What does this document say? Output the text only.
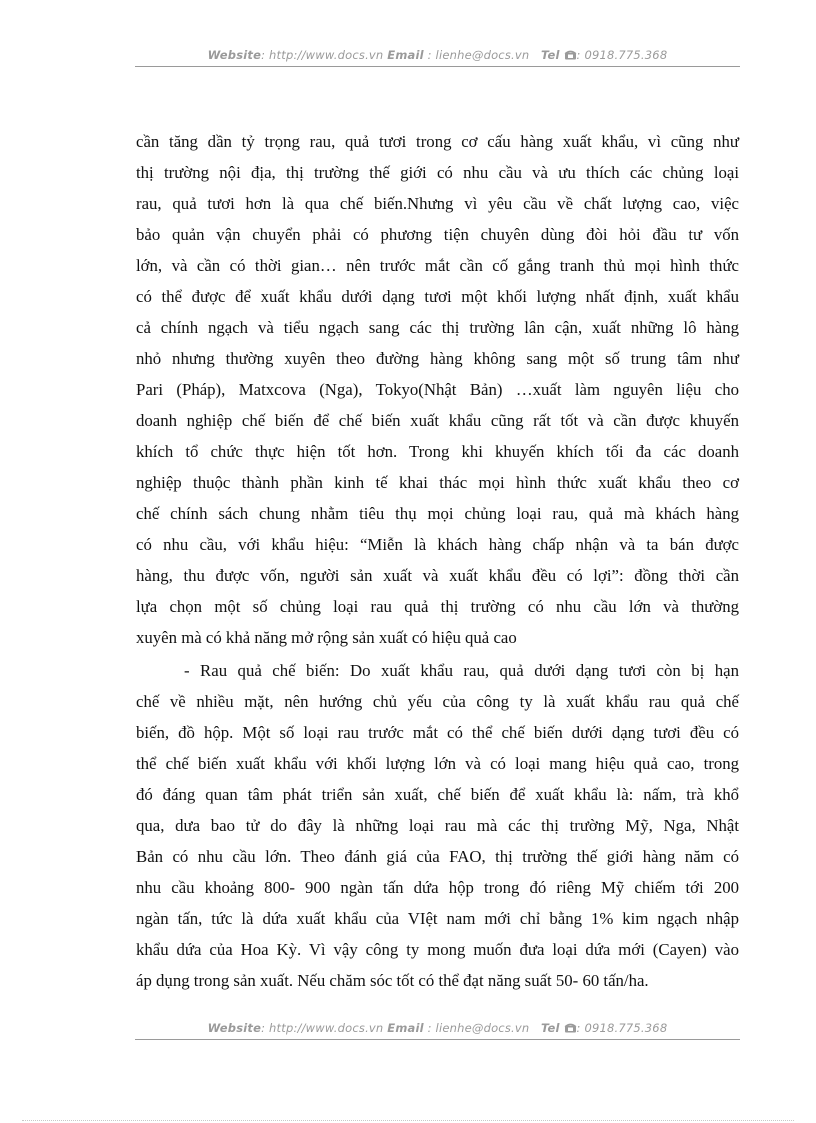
Website: http://www.docs.vn Email : lienhe@docs.vn Tel : 0918.775.368
cần tăng dần tỷ trọng rau, quả tươi trong cơ cấu hàng xuất khẩu, vì cũng như
thị trường nội địa, thị trường thế giới có nhu cầu và ưu thích các chủng loại
rau, quả tươi hơn là qua chế biến.Nhưng vì yêu cầu về chất lượng cao, việc
bảo quản vận chuyển phải có phương tiện chuyên dùng đòi hỏi đầu tư vốn
lớn, và cần có thời gian… nên trước mắt cần cố gắng tranh thủ mọi hình thức
có thể được để xuất khẩu dưới dạng tươi một khối lượng nhất định, xuất khẩu
cả chính ngạch và tiểu ngạch sang các thị trường lân cận, xuất những lô hàng
nhỏ nhưng thường xuyên theo đường hàng không sang một số trung tâm như
Pari (Pháp), Matxcova (Nga), Tokyo(Nhật Bản) …xuất làm nguyên liệu cho
doanh nghiệp chế biến để chế biến xuất khẩu cũng rất tốt và cần được khuyến
khích tổ chức thực hiện tốt hơn. Trong khi khuyến khích tối đa các doanh
nghiệp thuộc thành phần kinh tế khai thác mọi hình thức xuất khẩu theo cơ
chế chính sách chung nhằm tiêu thụ mọi chủng loại rau, quả mà khách hàng
có nhu cầu, với khẩu hiệu: “Miễn là khách hàng chấp nhận và ta bán được
hàng, thu được vốn, người sản xuất và xuất khẩu đều có lợi”: đồng thời cần
lựa chọn một số chủng loại rau quả thị trường có nhu cầu lớn và thường
xuyên mà có khả năng mở rộng sản xuất có hiệu quả cao
- Rau quả chế biến: Do xuất khẩu rau, quả dưới dạng tươi còn bị hạn
chế về nhiều mặt, nên hướng chủ yếu của công ty là xuất khẩu rau quả chế
biến, đồ hộp. Một số loại rau trước mắt có thể chế biến dưới dạng tươi đều có
thể chế biến xuất khẩu với khối lượng lớn và có loại mang hiệu quả cao, trong
đó đáng quan tâm phát triển sản xuất, chế biến để xuất khẩu là: nấm, trà khổ
qua, dưa bao tử do đây là những loại rau mà các thị trường Mỹ, Nga, Nhật
Bản có nhu cầu lớn. Theo đánh giá của FAO, thị trường thế giới hàng năm có
nhu cầu khoảng 800- 900 ngàn tấn dứa hộp trong đó riêng Mỹ chiếm tới 200
ngàn tấn, tức là dứa xuất khẩu của VIệt nam mới chỉ bằng 1% kim ngạch nhập
khẩu dứa của Hoa Kỳ. Vì vậy công ty mong muốn đưa loại dứa mới (Cayen) vào
áp dụng trong sản xuất. Nếu chăm sóc tốt có thể đạt năng suất 50- 60 tấn/ha.
Website: http://www.docs.vn Email : lienhe@docs.vn Tel : 0918.775.368
